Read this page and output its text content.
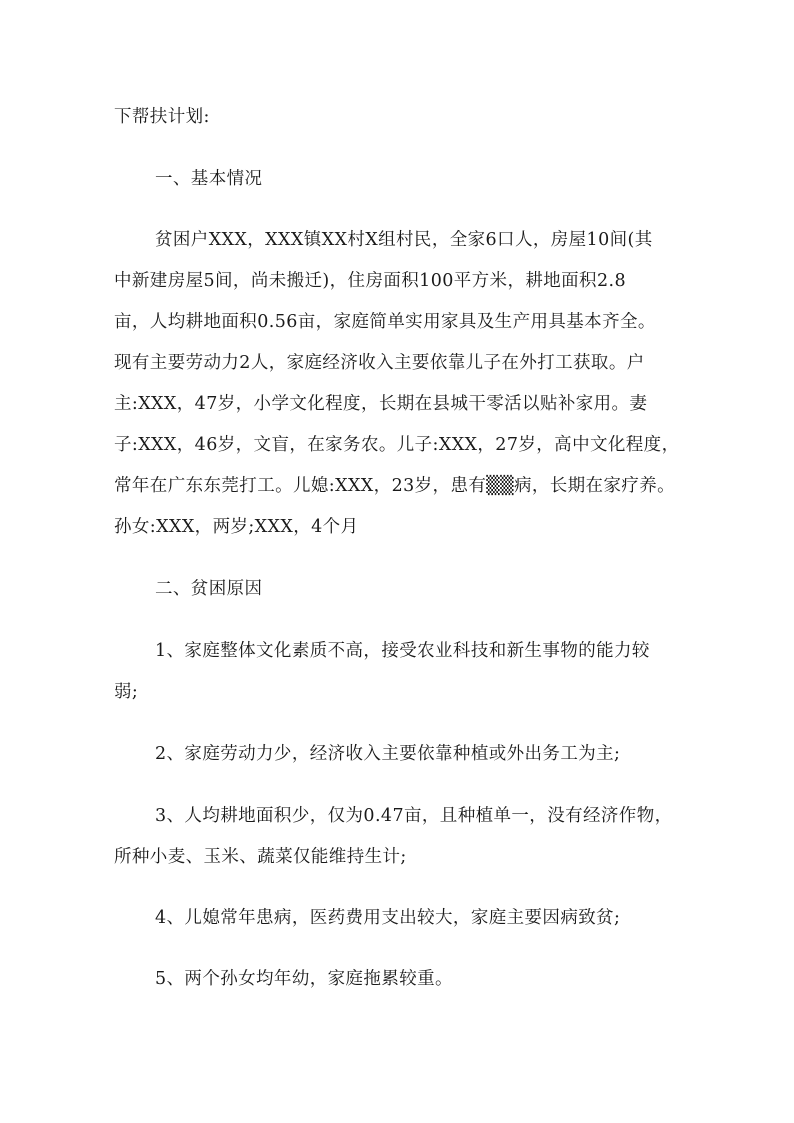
下帮扶计划:
一、基本情况
贫困户XXX，XXX镇XX村X组村民，全家6口人，房屋10间(其
中新建房屋5间，尚未搬迁)，住房面积100平方米，耕地面积2.8
亩，人均耕地面积0.56亩，家庭简单实用家具及生产用具基本齐全。
现有主要劳动力2人，家庭经济收入主要依靠儿子在外打工获取。户
主:XXX，47岁，小学文化程度，长期在县城干零活以贴补家用。妻
子:XXX，46岁，文盲，在家务农。儿子:XXX，27岁，高中文化程度，
常年在广东东莞打工。儿媳:XXX，23岁，患有▒▒病，长期在家疗养。
孙女:XXX，两岁;XXX，4个月
二、贫困原因
1、家庭整体文化素质不高，接受农业科技和新生事物的能力较
弱;
2、家庭劳动力少，经济收入主要依靠种植或外出务工为主;
3、人均耕地面积少，仅为0.47亩，且种植单一，没有经济作物，
所种小麦、玉米、蔬菜仅能维持生计;
4、儿媳常年患病，医药费用支出较大，家庭主要因病致贫;
5、两个孙女均年幼，家庭拖累较重。
